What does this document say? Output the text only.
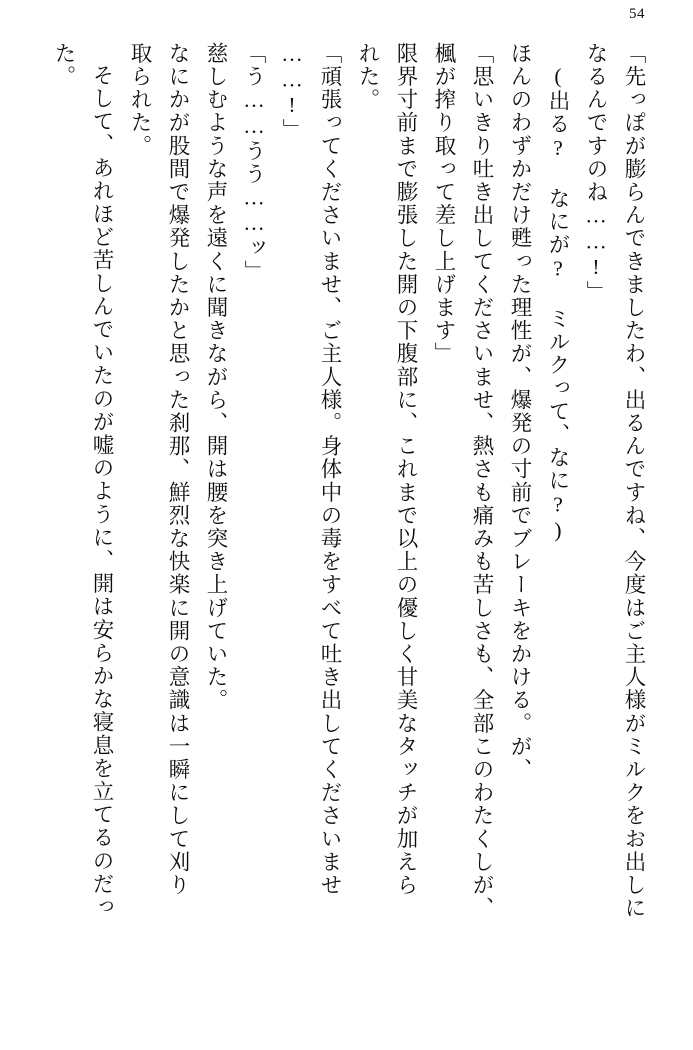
54
「先っぽが膨らんできましたわ、出るんですね、今度はご主人様がミルクをお出しに
なるんですのね……!」
(出る? なにが? ミルクって、なに?)
ほんのわずかだけ甦った理性が、爆発の寸前でブレーキをかける。が、
「思いきり吐き出してくださいませ、熱さも痛みも苦しさも、全部このわたくしが、
楓が搾り取って差し上げます」
限界寸前まで膨張した開の下腹部に、これまで以上の優しく甘美なタッチが加えら
れた。
「頑張ってくださいませ、ご主人様。身体中の毒をすべて吐き出してくださいませ
……!」
「う……うう……ッ」
慈しむような声を遠くに聞きながら、開は腰を突き上げていた。
なにかが股間で爆発したかと思った刹那、鮮烈な快楽に開の意識は一瞬にして刈り
取られた。
そして、あれほど苦しんでいたのが嘘のように、開は安らかな寝息を立てるのだっ
た。
